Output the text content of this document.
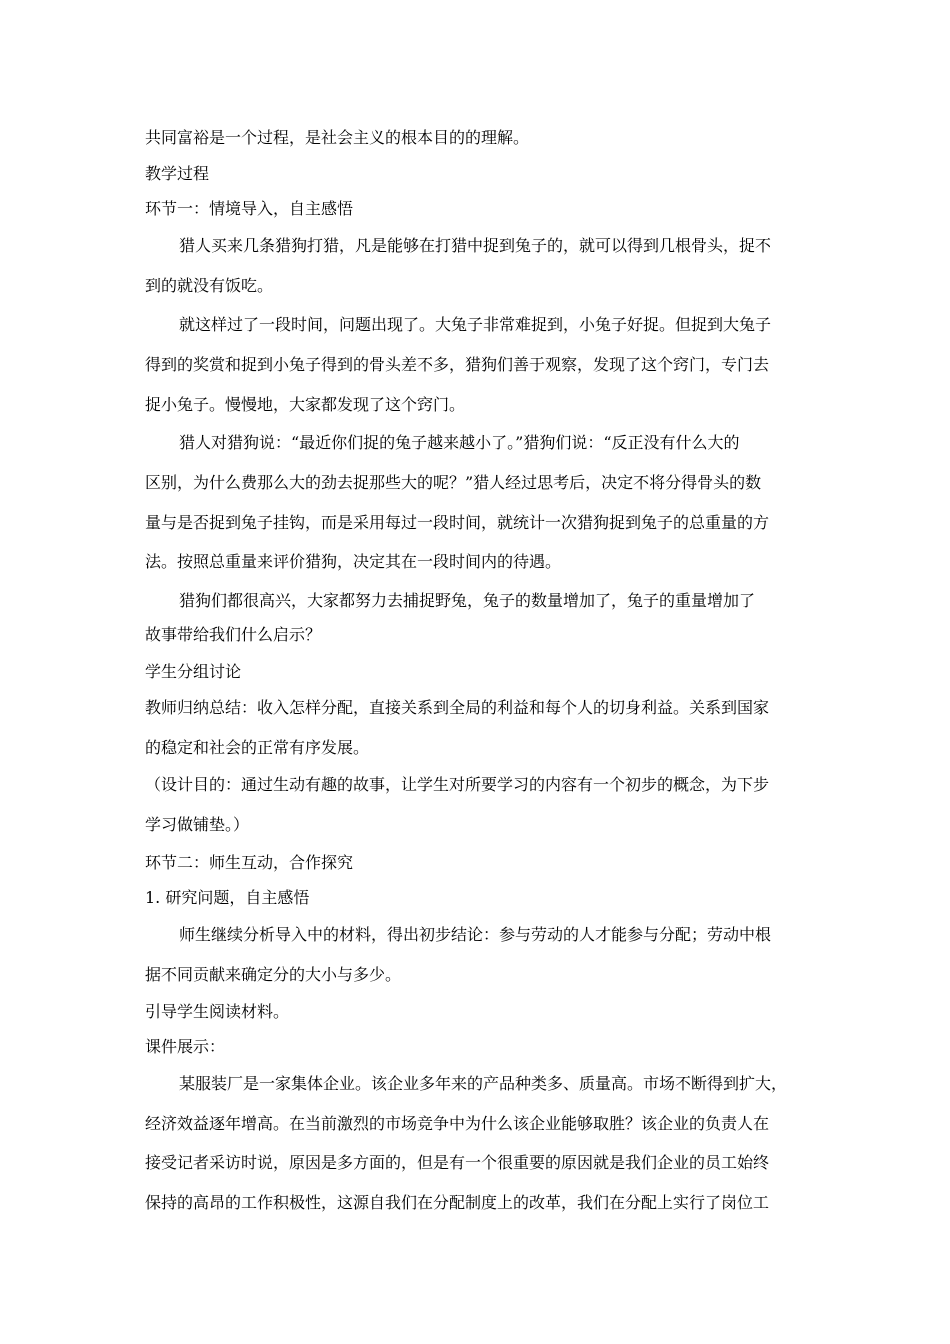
共同富裕是一个过程，是社会主义的根本目的的理解。
教学过程
环节一：情境导入，自主感悟
猎人买来几条猎狗打猎，凡是能够在打猎中捉到兔子的，就可以得到几根骨头，捉不
到的就没有饭吃。
就这样过了一段时间，问题出现了。大兔子非常难捉到，小兔子好捉。但捉到大兔子
得到的奖赏和捉到小兔子得到的骨头差不多，猎狗们善于观察，发现了这个窍门，专门去
捉小兔子。慢慢地，大家都发现了这个窍门。
猎人对猎狗说：“最近你们捉的兔子越来越小了。”猎狗们说：“反正没有什么大的
区别，为什么费那么大的劲去捉那些大的呢？”猎人经过思考后，决定不将分得骨头的数
量与是否捉到兔子挂钩，而是采用每过一段时间，就统计一次猎狗捉到兔子的总重量的方
法。按照总重量来评价猎狗，决定其在一段时间内的待遇。
猎狗们都很高兴，大家都努力去捕捉野兔，兔子的数量增加了，兔子的重量增加了
故事带给我们什么启示？
学生分组讨论
教师归纳总结：收入怎样分配，直接关系到全局的利益和每个人的切身利益。关系到国家
的稳定和社会的正常有序发展。
（设计目的：通过生动有趣的故事，让学生对所要学习的内容有一个初步的概念，为下步
学习做铺垫。）
环节二：师生互动，合作探究
1. 研究问题，自主感悟
师生继续分析导入中的材料，得出初步结论：参与劳动的人才能参与分配；劳动中根
据不同贡献来确定分的大小与多少。
引导学生阅读材料。
课件展示：
某服装厂是一家集体企业。该企业多年来的产品种类多、质量高。市场不断得到扩大，
经济效益逐年增高。在当前激烈的市场竞争中为什么该企业能够取胜？该企业的负责人在
接受记者采访时说，原因是多方面的，但是有一个很重要的原因就是我们企业的员工始终
保持的高昂的工作积极性，这源自我们在分配制度上的改革，我们在分配上实行了岗位工
